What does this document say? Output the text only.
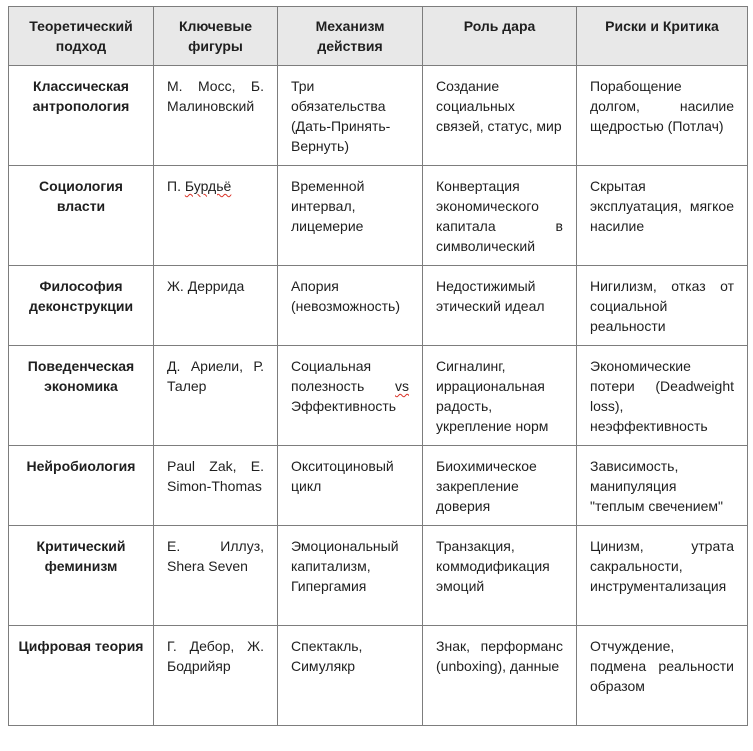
Теоретический подход	Ключевые фигуры	Механизм действия	Роль дара	Риски и Критика
Классическая антропология	М. Мосс, Б. Малиновский	Три обязательства (Дать-Принять-Вернуть)	Создание социальных связей, статус, мир	Порабощение долгом, насилие щедростью (Потлач)
Социология власти	П. Бурдьё	Временной интервал, лицемерие	Конвертация экономического капитала в символический	Скрытая эксплуатация, мягкое насилие
Философия деконструкции	Ж. Деррида	Апория (невозможность)	Недостижимый этический идеал	Нигилизм, отказ от социальной реальности
Поведенческая экономика	Д. Ариели, Р. Талер	Социальная полезность vs Эффективность	Сигналинг, иррациональная радость, укрепление норм	Экономические потери (Deadweight loss), неэффективность
Нейробиология	Paul Zak, E. Simon-Thomas	Окситоциновый цикл	Биохимическое закрепление доверия	Зависимость, манипуляция "теплым свечением"
Критический феминизм	Е. Иллуз, Shera Seven	Эмоциональный капитализм, Гипергамия	Транзакция, коммодификация эмоций	Цинизм, утрата сакральности, инструментализация
Цифровая теория	Г. Дебор, Ж. Бодрийяр	Спектакль, Симулякр	Знак, перформанс (unboxing), данные	Отчуждение, подмена реальности образом
